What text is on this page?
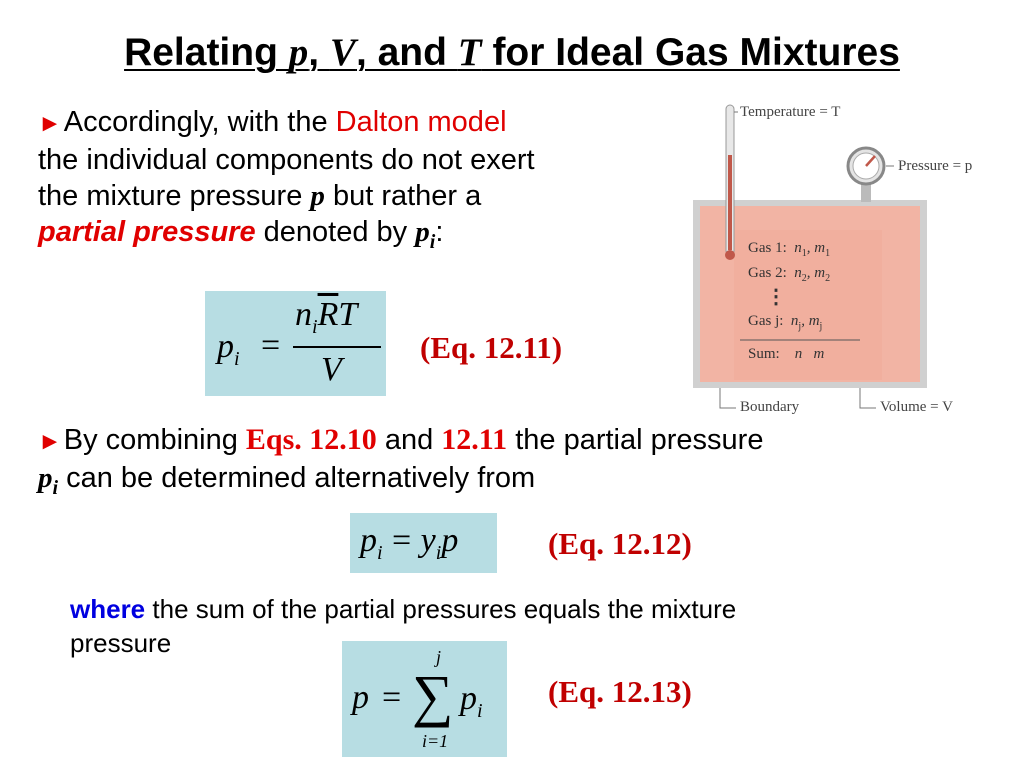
Relating p, V, and T for Ideal Gas Mixtures
►Accordingly, with the Dalton model
the individual components do not exert
the mixture pressure p but rather a
partial pressure denoted by $p_i$:
$p_i$ =
$n_i\overline{R}T$
V
(Eq. 12.11)
Temperature = T
Pressure = p
Gas 1: $n_1$, $m_1$
Gas 2: $n_2$, $m_2$
⋮
Gas j: $n_j$, $m_j$
Sum: n m
Boundary	Volume = V
►By combining Eqs. 12.10 and 12.11 the partial pressure
$p_i$ can be determined alternatively from
$p_i = y_ip$	(Eq. 12.12)
where the sum of the partial pressures equals the mixture
pressure	j
p = ∑ $p_i$
i=1
(Eq. 12.13)
